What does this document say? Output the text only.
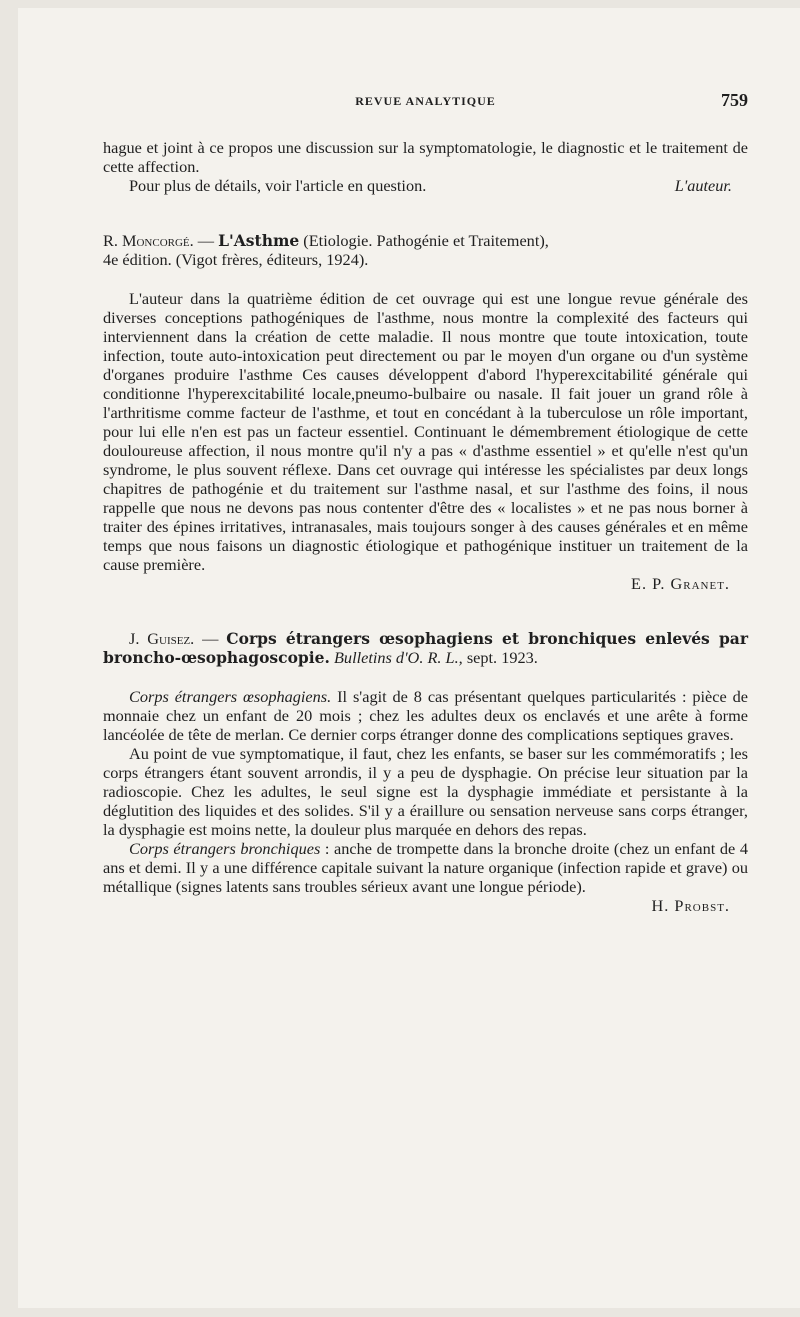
REVUE ANALYTIQUE	759

hague et joint à ce propos une discussion sur la symptomatologie, le diagnostic et le traitement de cette affection.

Pour plus de détails, voir l'article en question.	L'auteur.

R. Moncorgé. — L'Asthme (Etiologie. Pathogénie et Traitement),
4e édition. (Vigot frères, éditeurs, 1924).

L'auteur dans la quatrième édition de cet ouvrage qui est une longue revue générale des diverses conceptions pathogéniques de l'asthme, nous montre la complexité des facteurs qui interviennent dans la création de cette maladie. Il nous montre que toute intoxication, toute infection, toute auto-intoxication peut directement ou par le moyen d'un organe ou d'un système d'organes produire l'asthme Ces causes développent d'abord l'hyperexcitabilité générale qui conditionne l'hyperexcitabilité locale,pneumo-bulbaire ou nasale. Il fait jouer un grand rôle à l'arthritisme comme facteur de l'asthme, et tout en concédant à la tuberculose un rôle important, pour lui elle n'en est pas un facteur essentiel. Continuant le démembrement étiologique de cette douloureuse affection, il nous montre qu'il n'y a pas « d'asthme essentiel » et qu'elle n'est qu'un syndrome, le plus souvent réflexe. Dans cet ouvrage qui intéresse les spécialistes par deux longs chapitres de pathogénie et du traitement sur l'asthme nasal, et sur l'asthme des foins, il nous rappelle que nous ne devons pas nous contenter d'être des « localistes » et ne pas nous borner à traiter des épines irritatives, intranasales, mais toujours songer à des causes générales et en même temps que nous faisons un diagnostic étiologique et pathogénique instituer un traitement de la cause première.

E. P. Granet.
J. Guisez. — Corps étrangers œsophagiens et bronchiques enlevés par broncho-œsophagoscopie. Bulletins d'O. R. L., sept. 1923.

Corps étrangers œsophagiens. Il s'agit de 8 cas présentant quelques particularités : pièce de monnaie chez un enfant de 20 mois ; chez les adultes deux os enclavés et une arête à forme lancéolée de tête de merlan. Ce dernier corps étranger donne des complications septiques graves.

Au point de vue symptomatique, il faut, chez les enfants, se baser sur les commémoratifs ; les corps étrangers étant souvent arrondis, il y a peu de dysphagie. On précise leur situation par la radioscopie. Chez les adultes, le seul signe est la dysphagie immédiate et persistante à la déglutition des liquides et des solides. S'il y a éraillure ou sensation nerveuse sans corps étranger, la dysphagie est moins nette, la douleur plus marquée en dehors des repas.

Corps étrangers bronchiques : anche de trompette dans la bronche droite (chez un enfant de 4 ans et demi. Il y a une différence capitale suivant la nature organique (infection rapide et grave) ou métallique (signes latents sans troubles sérieux avant une longue période).

H. Probst.
